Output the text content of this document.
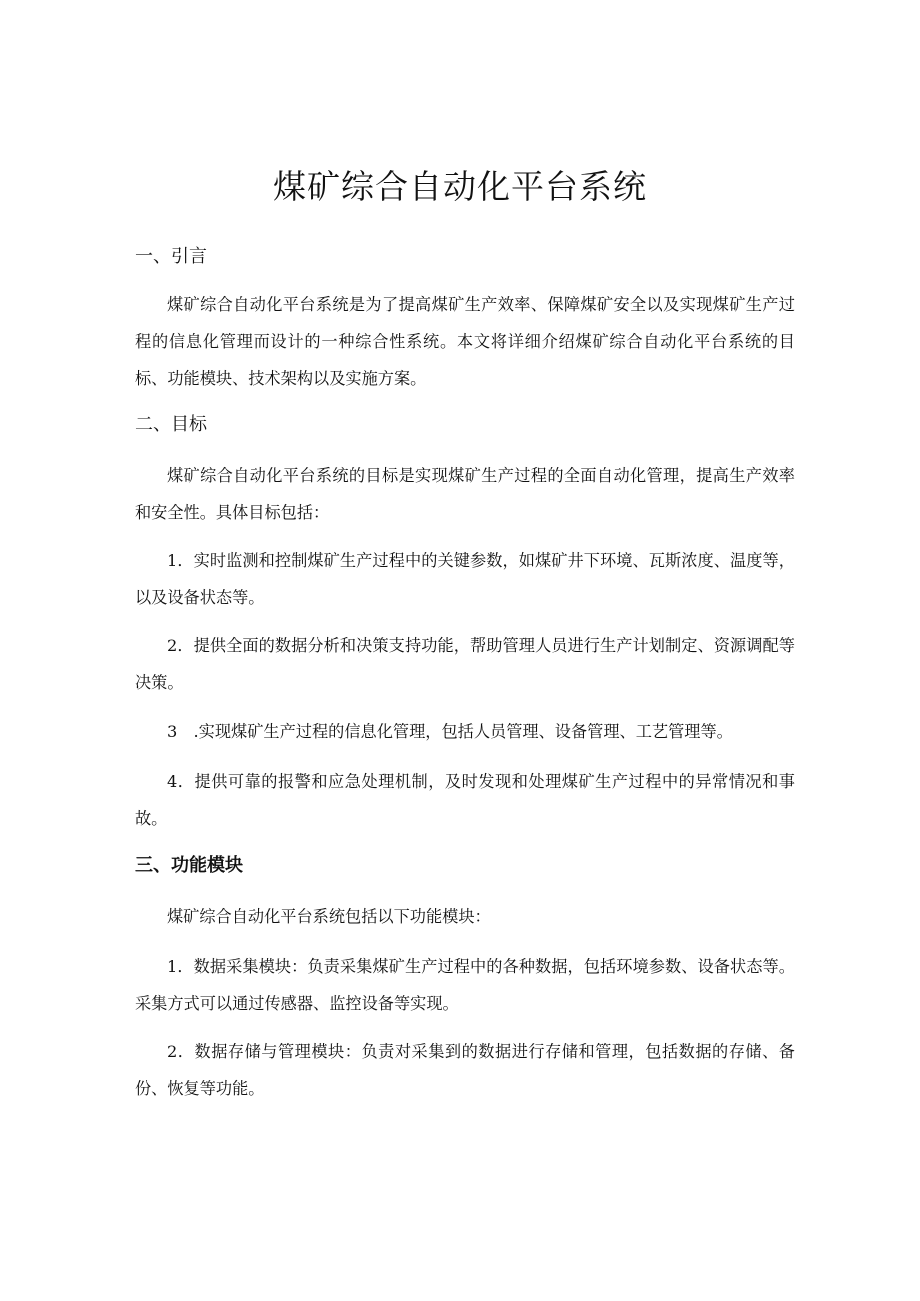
煤矿综合自动化平台系统
一、引言

煤矿综合自动化平台系统是为了提高煤矿生产效率、保障煤矿安全以及实现煤矿生产过程的信息化管理而设计的一种综合性系统。本文将详细介绍煤矿综合自动化平台系统的目标、功能模块、技术架构以及实施方案。

二、目标

煤矿综合自动化平台系统的目标是实现煤矿生产过程的全面自动化管理，提高生产效率和安全性。具体目标包括：

1．实时监测和控制煤矿生产过程中的关键参数，如煤矿井下环境、瓦斯浓度、温度等，以及设备状态等。

2．提供全面的数据分析和决策支持功能，帮助管理人员进行生产计划制定、资源调配等决策。

3　.实现煤矿生产过程的信息化管理，包括人员管理、设备管理、工艺管理等。

4．提供可靠的报警和应急处理机制，及时发现和处理煤矿生产过程中的异常情况和事故。

三、功能模块

煤矿综合自动化平台系统包括以下功能模块：

1．数据采集模块：负责采集煤矿生产过程中的各种数据，包括环境参数、设备状态等。采集方式可以通过传感器、监控设备等实现。

2．数据存储与管理模块：负责对采集到的数据进行存储和管理，包括数据的存储、备份、恢复等功能。
